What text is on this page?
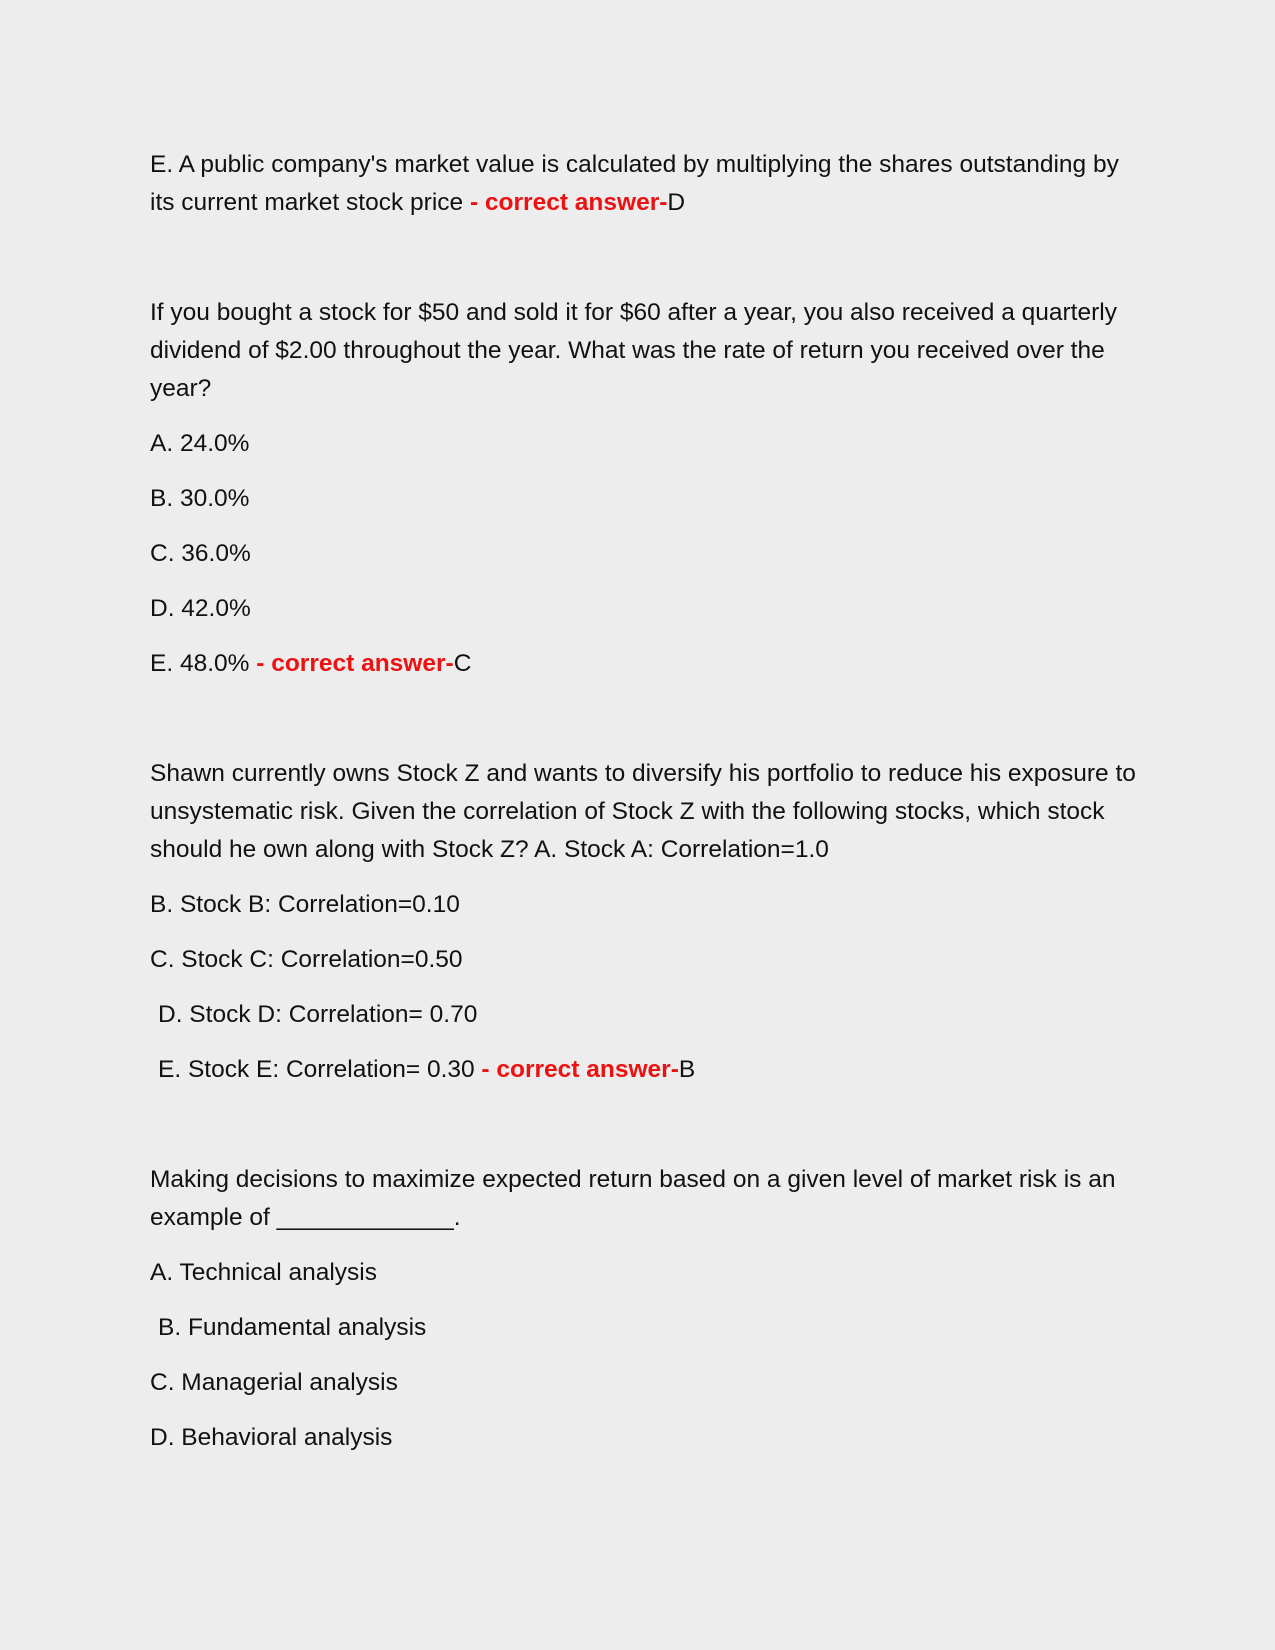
E. A public company's market value is calculated by multiplying the shares outstanding by its current market stock price - correct answer-D

If you bought a stock for $50 and sold it for $60 after a year, you also received a quarterly dividend of $2.00 throughout the year. What was the rate of return you received over the year?

A. 24.0%

B. 30.0%

C. 36.0%

D. 42.0%

E. 48.0% - correct answer-C

Shawn currently owns Stock Z and wants to diversify his portfolio to reduce his exposure to unsystematic risk. Given the correlation of Stock Z with the following stocks, which stock should he own along with Stock Z? A. Stock A: Correlation=1.0

B. Stock B: Correlation=0.10

C. Stock C: Correlation=0.50

D. Stock D: Correlation= 0.70

E. Stock E: Correlation= 0.30 - correct answer-B

Making decisions to maximize expected return based on a given level of market risk is an example of _____________.

A. Technical analysis

B. Fundamental analysis

C. Managerial analysis

D. Behavioral analysis
